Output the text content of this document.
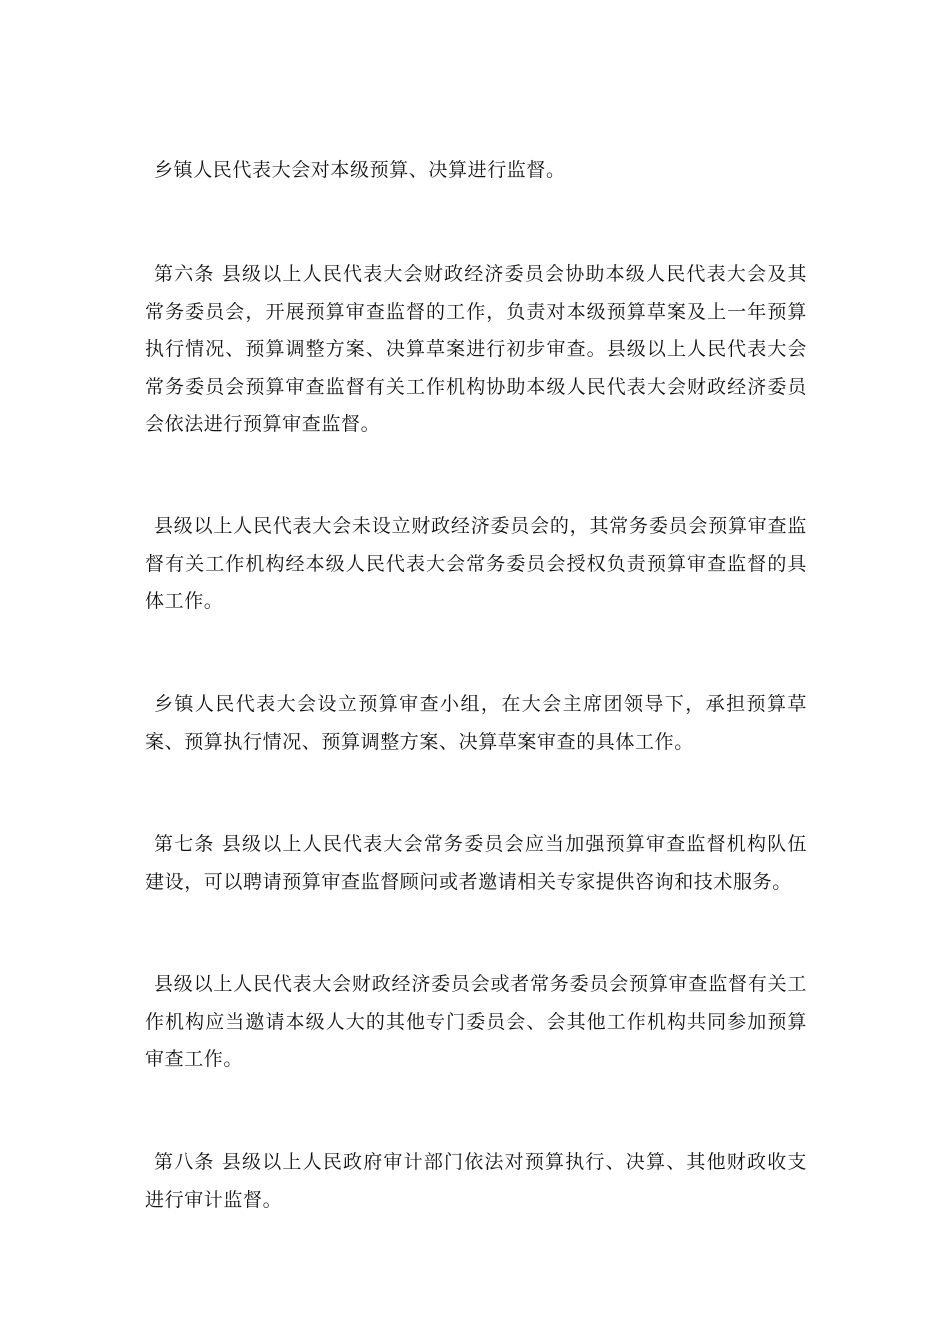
乡镇人民代表大会对本级预算、决算进行监督。

第六条 县级以上人民代表大会财政经济委员会协助本级人民代表大会及其常务委员会，开展预算审查监督的工作，负责对本级预算草案及上一年预算执行情况、预算调整方案、决算草案进行初步审查。县级以上人民代表大会常务委员会预算审查监督有关工作机构协助本级人民代表大会财政经济委员会依法进行预算审查监督。

县级以上人民代表大会未设立财政经济委员会的，其常务委员会预算审查监督有关工作机构经本级人民代表大会常务委员会授权负责预算审查监督的具体工作。

乡镇人民代表大会设立预算审查小组，在大会主席团领导下，承担预算草案、预算执行情况、预算调整方案、决算草案审查的具体工作。

第七条 县级以上人民代表大会常务委员会应当加强预算审查监督机构队伍建设，可以聘请预算审查监督顾问或者邀请相关专家提供咨询和技术服务。

县级以上人民代表大会财政经济委员会或者常务委员会预算审查监督有关工作机构应当邀请本级人大的其他专门委员会、会其他工作机构共同参加预算审查工作。

第八条 县级以上人民政府审计部门依法对预算执行、决算、其他财政收支进行审计监督。
